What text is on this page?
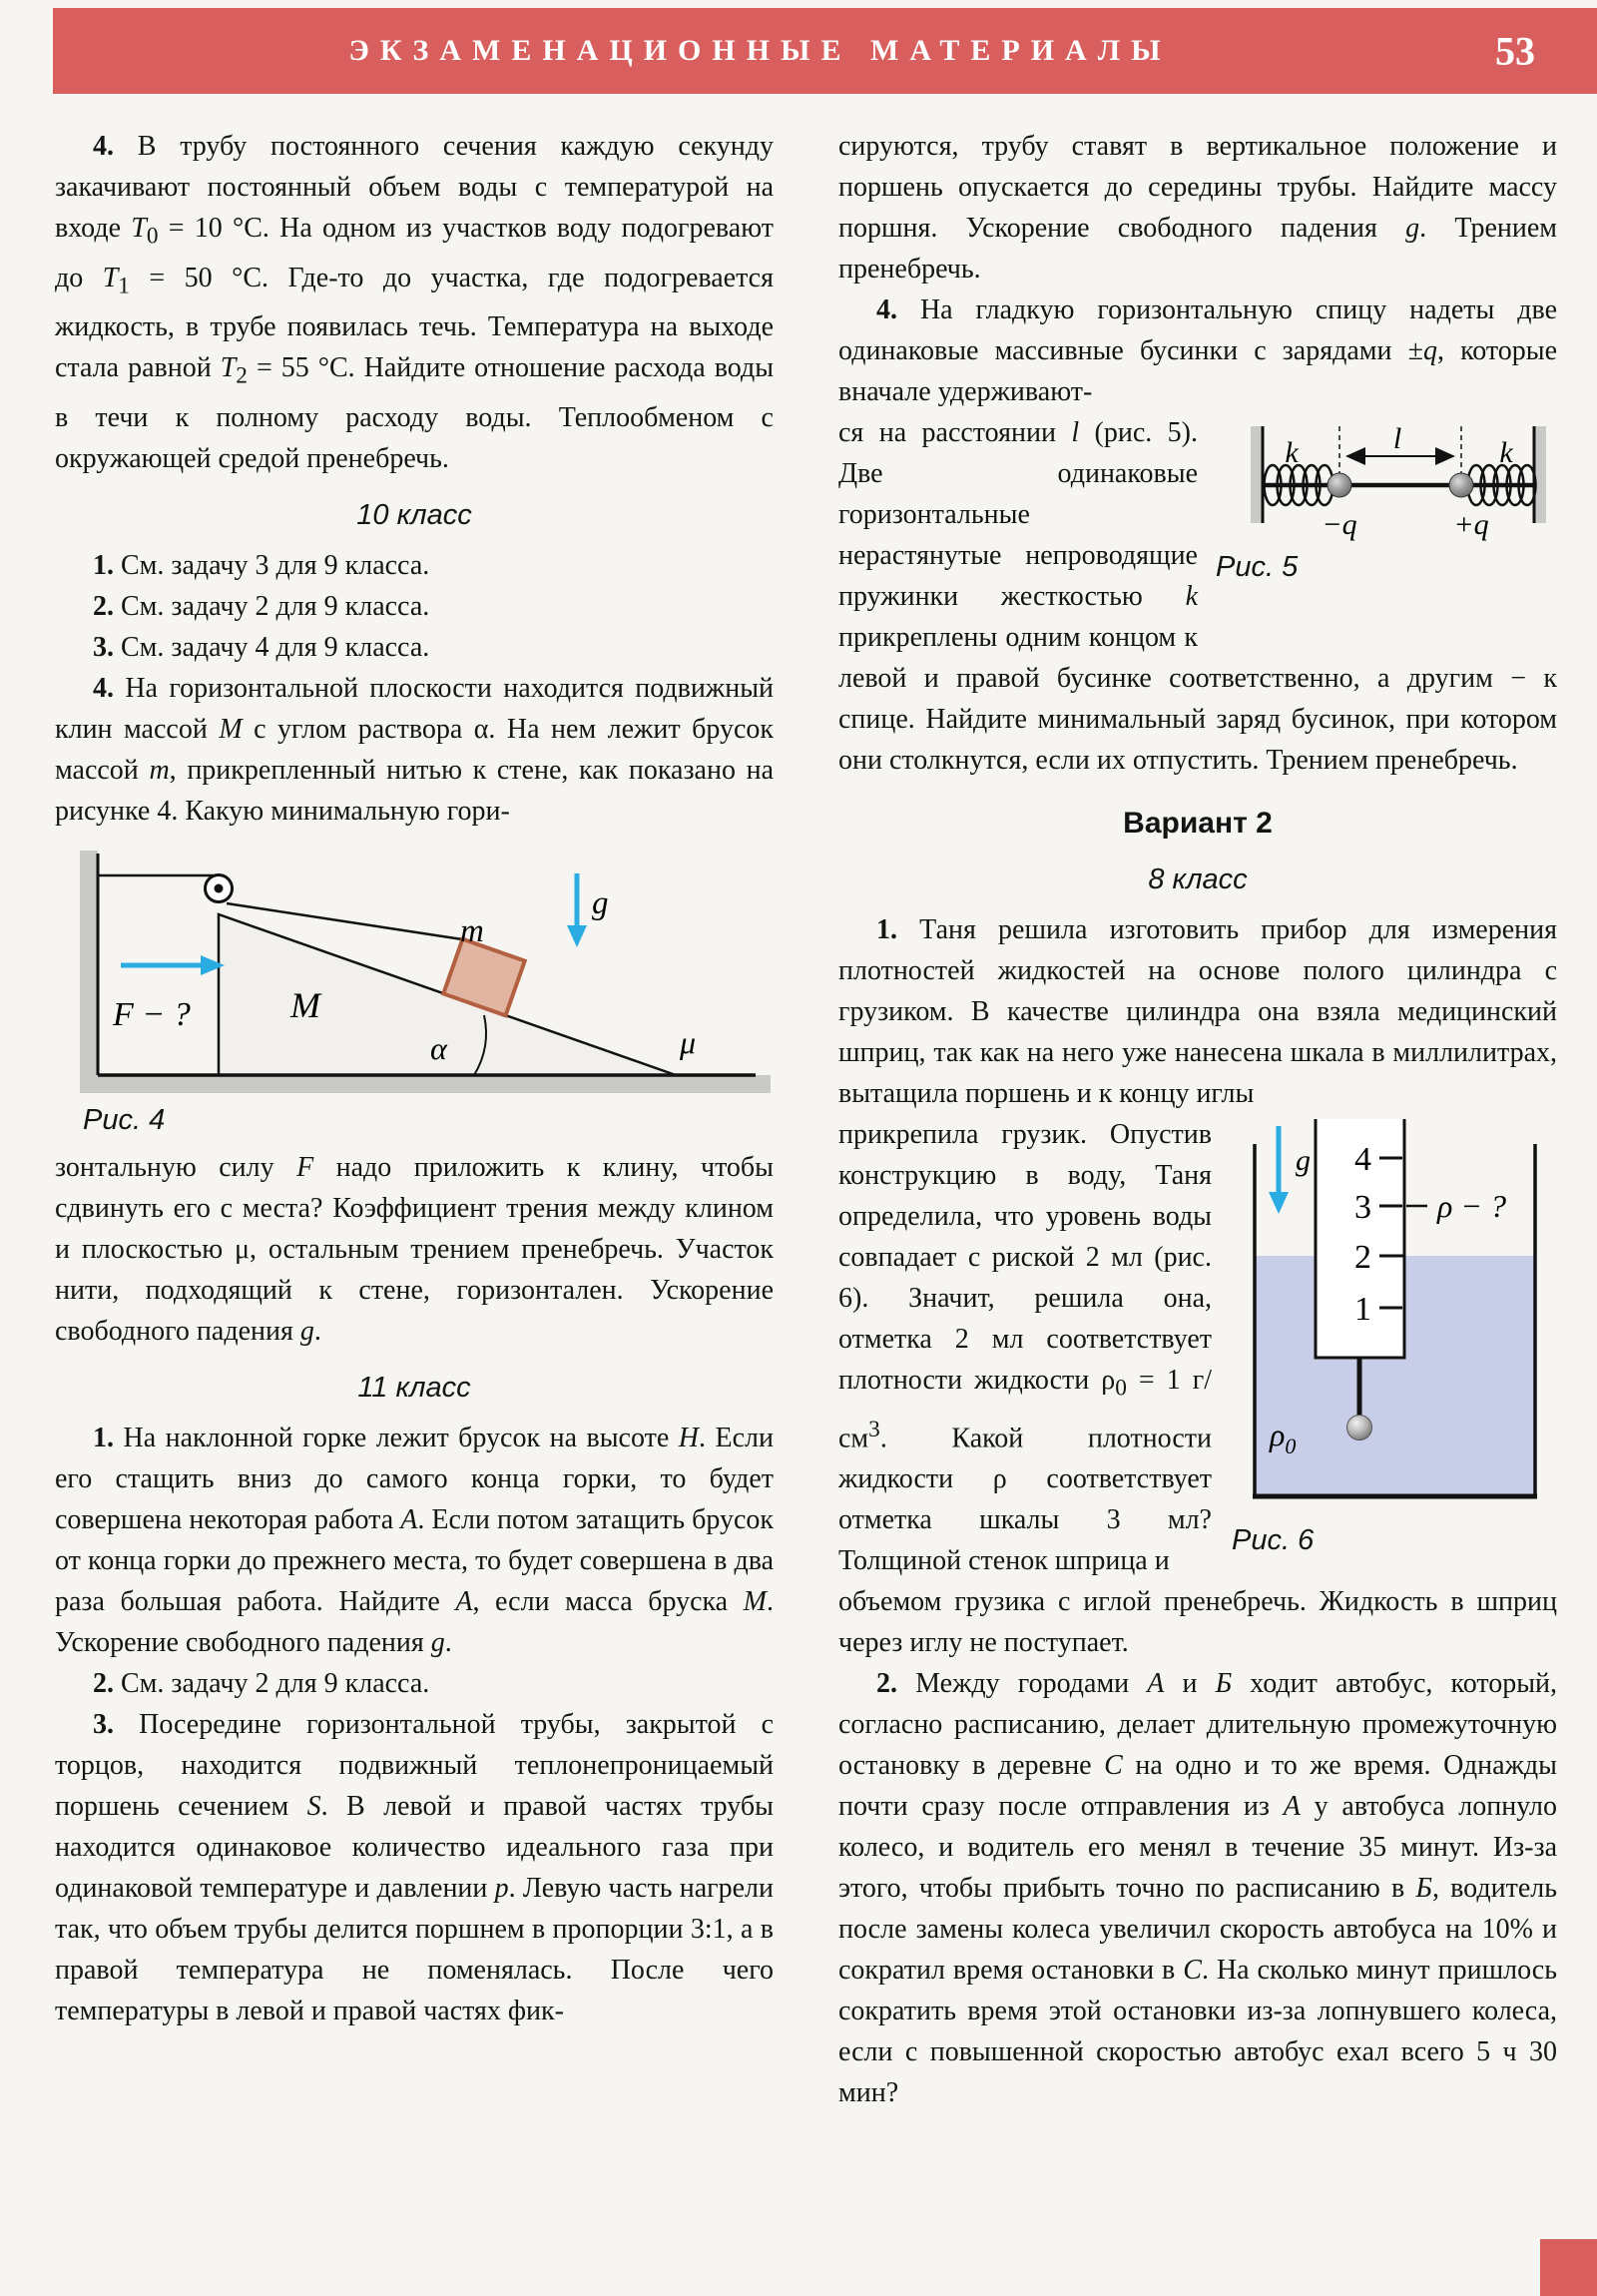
ЭКЗАМЕНАЦИОННЫЕ МАТЕРИАЛЫ	53

4. В трубу постоянного сечения каждую секунду закачивают постоянный объем воды с температурой на входе $T_0 = 10$ °С. На одном из участков воду подогревают до $T_1 = 50$ °С. Где-то до участка, где подогревается жидкость, в трубе появилась течь. Температура на выходе стала равной $T_2 = 55$ °С. Найдите отношение расхода воды в течи к полному расходу воды. Теплообменом с окружающей средой пренебречь.

10 класс

1. См. задачу 3 для 9 класса.

2. См. задачу 2 для 9 класса.

3. См. задачу 4 для 9 класса.

4. На горизонтальной плоскости находится подвижный клин массой M с углом раствора α. На нем лежит брусок массой m, прикрепленный нитью к стене, как показано на рисунке 4. Какую минимальную гори-

m
M
g
F − ?
α	μ
Рис. 4

зонтальную силу F надо приложить к клину, чтобы сдвинуть его с места? Коэффициент трения между клином и плоскостью μ, остальным трением пренебречь. Участок нити, подходящий к стене, горизонтален. Ускорение свободного падения g.

11 класс

1. На наклонной горке лежит брусок на высоте H. Если его стащить вниз до самого конца горки, то будет совершена некоторая работа A. Если потом затащить брусок от конца горки до прежнего места, то будет совершена в два раза большая работа. Найдите A, если масса бруска M. Ускорение свободного падения g.

2. См. задачу 2 для 9 класса.

3. Посередине горизонтальной трубы, закрытой с торцов, находится подвижный теплонепроницаемый поршень сечением S. В левой и правой частях трубы находится одинаковое количество идеального газа при одинаковой температуре и давлении p. Левую часть нагрели так, что объем трубы делится поршнем в пропорции 3:1, а в правой температура не поменялась. После чего температуры в левой и правой частях фик-

сируются, трубу ставят в вертикальное положение и поршень опускается до середины трубы. Найдите массу поршня. Ускорение свободного падения g. Трением пренебречь.

4. На гладкую горизонтальную спицу надеты две одинаковые массивные бусинки с зарядами ±q, которые вначале удерживают-

k	k
l
−q	+q
Рис. 5

ся на расстоянии l (рис. 5). Две одинаковые горизонтальные нерастянутые непроводящие пружинки жесткостью k прикреплены одним концом к левой и правой бусинке соответственно, а другим − к спице. Найдите минимальный заряд бусинок, при котором они столкнутся, если их отпустить. Трением пренебречь.

Вариант 2
8 класс

1. Таня решила изготовить прибор для измерения плотностей жидкостей на основе полого цилиндра с грузиком. В качестве цилиндра она взяла медицинский шприц, так как на него уже нанесена шкала в миллилитрах, вытащила поршень и к концу иглы

4
3
2
1
ρ − ?
g
$\rho_0$
Рис. 6

прикрепила грузик. Опустив конструкцию в воду, Таня определила, что уровень воды совпадает с риской 2 мл (рис. 6). Значит, решила она, отметка 2 мл соответствует плотности жидкости $\rho_0 = 1$ $г/см^3$. Какой плотности жидкости ρ соответствует отметка шкалы 3 мл? Толщиной стенок шприца и

объемом грузика с иглой пренебречь. Жидкость в шприц через иглу не поступает.

2. Между городами А и Б ходит автобус, который, согласно расписанию, делает длительную промежуточную остановку в деревне С на одно и то же время. Однажды почти сразу после отправления из А у автобуса лопнуло колесо, и водитель его менял в течение 35 минут. Из-за этого, чтобы прибыть точно по расписанию в Б, водитель после замены колеса увеличил скорость автобуса на 10% и сократил время остановки в С. На сколько минут пришлось сократить время этой остановки из-за лопнувшего колеса, если с повышенной скоростью автобус ехал всего 5 ч 30 мин?
